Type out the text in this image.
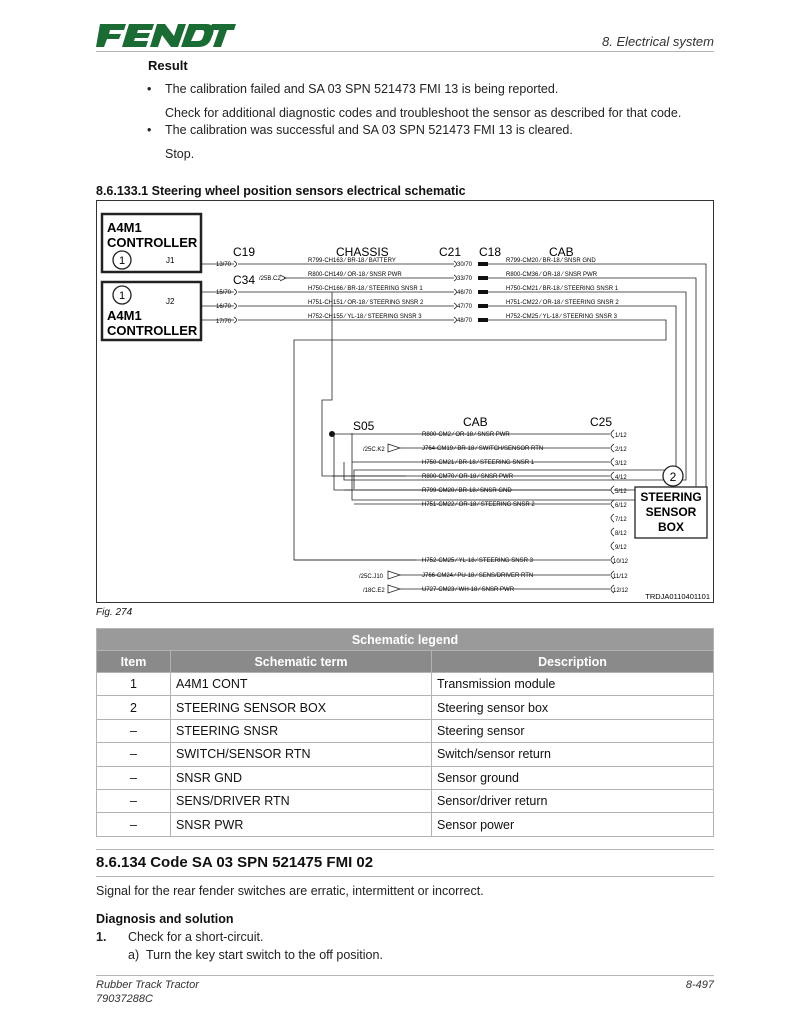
8. Electrical system
Result
• The calibration failed and SA 03 SPN 521473 FMI 13 is being reported.
Check for additional diagnostic codes and troubleshoot the sensor as described for that code.
• The calibration was successful and SA 03 SPN 521473 FMI 13 is cleared.
Stop.
8.6.133.1 Steering wheel position sensors electrical schematic
A4M1
CONTROLLER
1	J1
1	J2
A4M1
CONTROLLER
C19
C34
CHASSIS	C21 C18	CAB
13/70
15/70
16/70
17/70
/25B.C2
R799-CH163 ⁄ BR-18 ⁄ BATTERY
R800-CH149 ⁄ OR-18 ⁄ SNSR PWR
H750-CH166 ⁄ BR-18 ⁄ STEERING SNSR 1
H751-CH151 ⁄ OR-18 ⁄ STEERING SNSR 2
H752-CH155 ⁄ YL-18 ⁄ STEERING SNSR 3
30/70
33/70
46/70
47/70
48/70
R799-CM20 ⁄ BR-18 ⁄ SNSR GND
R800-CM36 ⁄ OR-18 ⁄ SNSR PWR
H750-CM21 ⁄ BR-18 ⁄ STEERING SNSR 1
H751-CM22 ⁄ OR-18 ⁄ STEERING SNSR 2
H752-CM25 ⁄ YL-18 ⁄ STEERING SNSR 3
S05	CAB	C25
/25C.K2
/25C.J10
/18C.E2
R800-CM2 ⁄ OR-18 ⁄ SNSR PWR
J764-CM19 ⁄ BR-18 ⁄ SWITCH/SENSOR RTN
H750-CM21 ⁄ BR-18 ⁄ STEERING SNSR 1
R800-CM70 ⁄ OR-18 ⁄ SNSR PWR
R799-CM20 ⁄ BR-18 ⁄ SNSR GND
H751-CM22 ⁄ OR-18 ⁄ STEERING SNSR 2
H752-CM25 ⁄ YL-18 ⁄ STEERING SNSR 3
J766-CM24 ⁄ PU-18 ⁄ SENS/DRIVER RTN
U727-CM23 ⁄ WH-18 ⁄ SNSR PWR
1/12
2/12
3/12
4/12
5/12
6/12
7/12
8/12
9/12
10/12
11/12
12/12
2
STEERING
SENSOR
BOX
TRDJA0110401101
Fig. 274
Schematic legend		
Item	Schematic term	Description
1	A4M1 CONT	Transmission module
2	STEERING SENSOR BOX	Steering sensor box
–	STEERING SNSR	Steering sensor
–	SWITCH/SENSOR RTN	Switch/sensor return
–	SNSR GND	Sensor ground
–	SENS/DRIVER RTN	Sensor/driver return
–	SNSR PWR	Sensor power
8.6.134 Code SA 03 SPN 521475 FMI 02
Signal for the rear fender switches are erratic, intermittent or incorrect.
Diagnosis and solution
1. Check for a short-circuit.
a) Turn the key start switch to the off position.
Rubber Track Tractor
79037288C
8-497
